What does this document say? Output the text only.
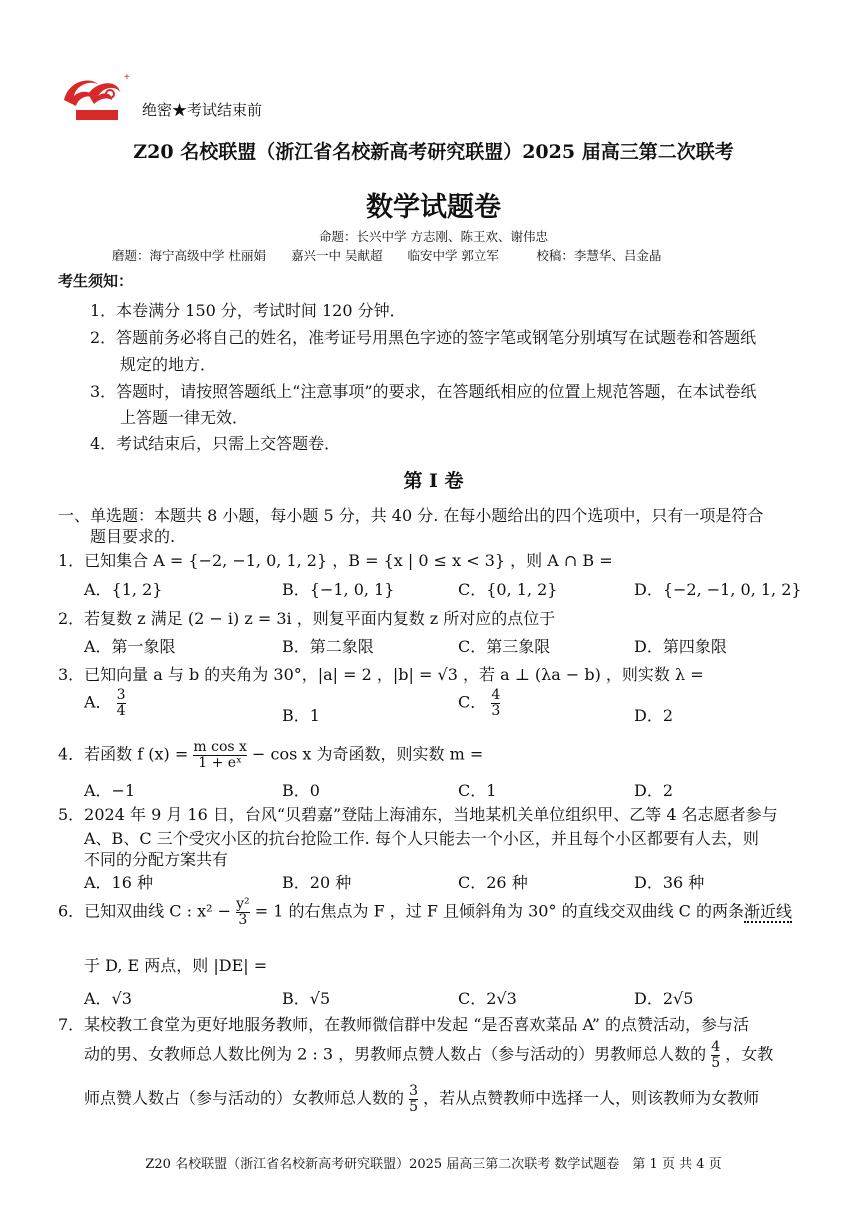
+
绝密★考试结束前
Z20 名校联盟（浙江省名校新高考研究联盟）2025 届高三第二次联考
数学试题卷
命题：长兴中学 方志刚、陈王欢、谢伟忠
磨题：海宁高级中学 杜丽娟　　嘉兴一中 吴献超　　临安中学 郭立军　　　校稿：李慧华、吕金晶
考生须知：
1．本卷满分 150 分，考试时间 120 分钟．
2．答题前务必将自己的姓名，准考证号用黑色字迹的签字笔或钢笔分别填写在试题卷和答题纸
规定的地方．
3．答题时，请按照答题纸上“注意事项”的要求，在答题纸相应的位置上规范答题，在本试卷纸
上答题一律无效．
4．考试结束后，只需上交答题卷．
第 I 卷
一、单选题：本题共 8 小题，每小题 5 分，共 40 分. 在每小题给出的四个选项中，只有一项是符合
题目要求的.
1．已知集合 A = {−2, −1, 0, 1, 2} ，B = {x | 0 ≤ x < 3} ，则 A ∩ B =
A．{1, 2}	B．{−1, 0, 1}	C．{0, 1, 2}	D．{−2, −1, 0, 1, 2}
2．若复数 z 满足 (2 − i) z = 3i ，则复平面内复数 z 所对应的点位于
A．第一象限	B．第二象限	C．第三象限	D．第四象限
3．已知向量 a 与 b 的夹角为 30°，|a| = 2 ，|b| = √3 ，若 a ⊥ (λa − b) ，则实数 λ =
A． $\frac{3}{4}$	B．1
C． $\frac{4}{3}$	D．2
4．若函数 f $(x) = \frac{\text{m cos x}}{\text{1 + eˣ}} - \cos x$ 为奇函数，则实数 m =
A．−1	B．0	C．1	D．2
5．2024 年 9 月 16 日，台风“贝碧嘉”登陆上海浦东，当地某机关单位组织甲、乙等 4 名志愿者参与
A、B、C 三个受灾小区的抗台抢险工作. 每个人只能去一个小区，并且每个小区都要有人去，则
不同的分配方案共有
A．16 种	B．20 种	C．26 种	D．36 种
6．已知双曲线 C : $x^2 - \frac{\text{y²}}{3} = 1$ 的右焦点为 F ，过 F 且倾斜角为 30° 的直线交双曲线 C 的两条渐近线
于 D, E 两点，则 |DE| =
A．√3	B．√5	C．2√3	D．2√5
7．某校教工食堂为更好地服务教师，在教师微信群中发起 “是否喜欢菜品 A” 的点赞活动，参与活
动的男、女教师总人数比例为 2 : 3 ，男教师点赞人数占（参与活动的）男教师总人数的 $\frac{4}{5}$ ，女教
师点赞人数占（参与活动的）女教师总人数的 $\frac{3}{5}$ ，若从点赞教师中选择一人，则该教师为女教师
Z20 名校联盟（浙江省名校新高考研究联盟）2025 届高三第二次联考 数学试题卷　第 1 页 共 4 页
